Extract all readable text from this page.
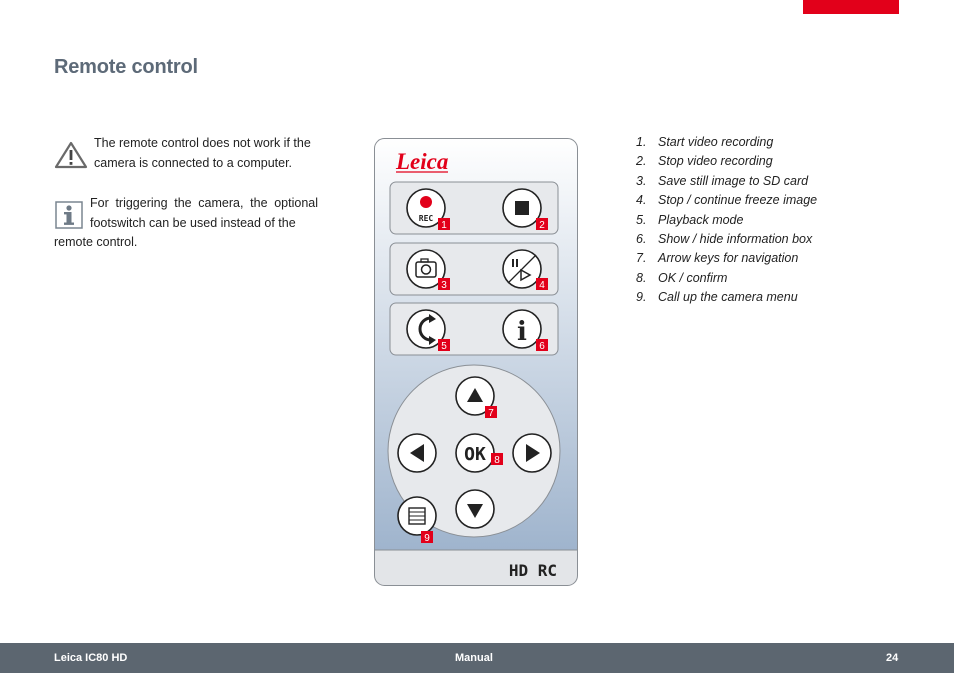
Remote control
The remote control does not work if the camera is connected to a computer.
For triggering the camera, the optional footswitch can be used instead of the
remote control.
Leica
REC
i
OK
1	2
3	4
5	6
7
8
9
HD RC
1. Start video recording
2. Stop video recording
3. Save still image to SD card
4. Stop / continue freeze image
5. Playback mode
6. Show / hide information box
7. Arrow keys for navigation
8. OK / confirm
9. Call up the camera menu
Leica IC80 HD	Manual	24
